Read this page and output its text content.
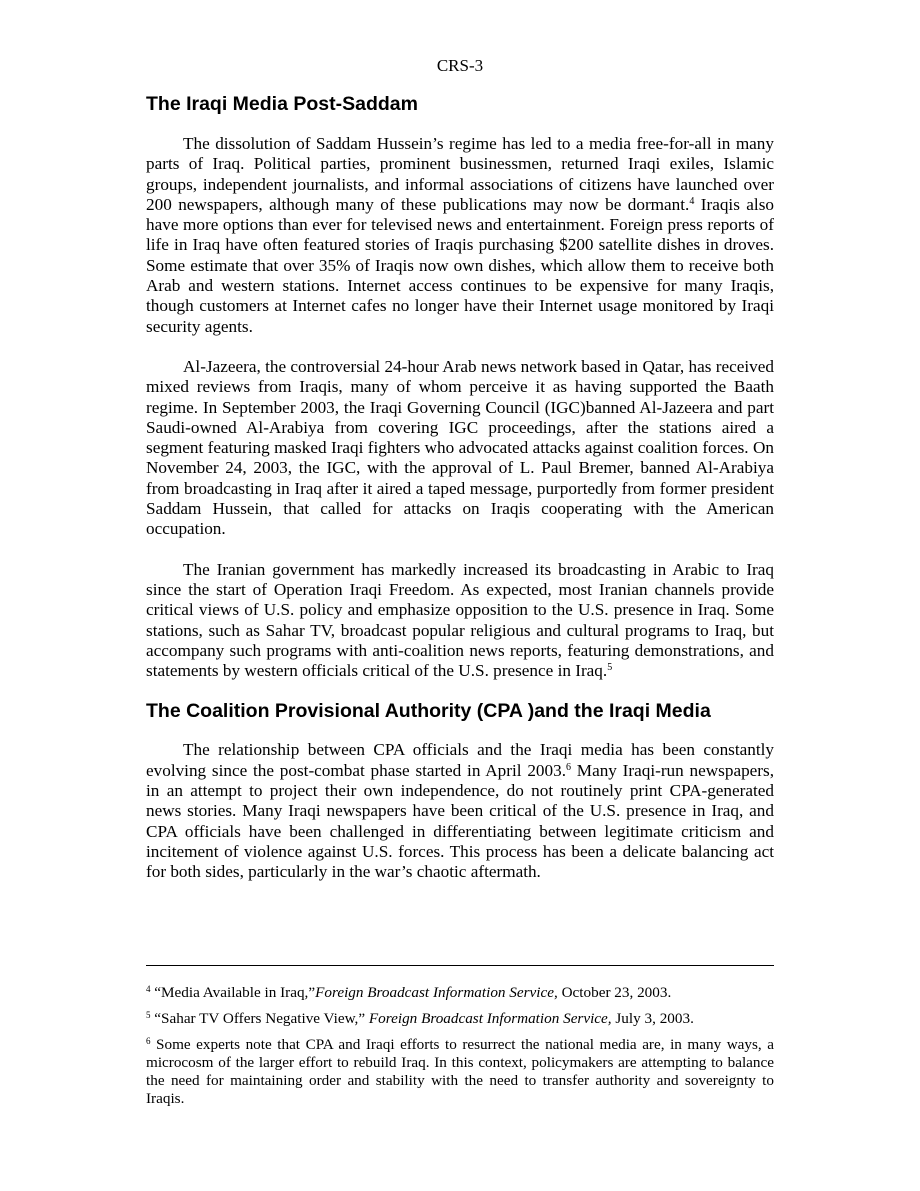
CRS-3
The Iraqi Media Post-Saddam

The dissolution of Saddam Hussein’s regime has led to a media free-for-all in many parts of Iraq. Political parties, prominent businessmen, returned Iraqi exiles, Islamic groups, independent journalists, and informal associations of citizens have launched over 200 newspapers, although many of these publications may now be dormant.$^4$ Iraqis also have more options than ever for televised news and entertainment. Foreign press reports of life in Iraq have often featured stories of Iraqis purchasing $200 satellite dishes in droves. Some estimate that over 35% of Iraqis now own dishes, which allow them to receive both Arab and western stations. Internet access continues to be expensive for many Iraqis, though customers at Internet cafes no longer have their Internet usage monitored by Iraqi security agents.

Al-Jazeera, the controversial 24-hour Arab news network based in Qatar, has received mixed reviews from Iraqis, many of whom perceive it as having supported the Baath regime. In September 2003, the Iraqi Governing Council (IGC)banned Al-Jazeera and part Saudi-owned Al-Arabiya from covering IGC proceedings, after the stations aired a segment featuring masked Iraqi fighters who advocated attacks against coalition forces. On November 24, 2003, the IGC, with the approval of L. Paul Bremer, banned Al-Arabiya from broadcasting in Iraq after it aired a taped message, purportedly from former president Saddam Hussein, that called for attacks on Iraqis cooperating with the American occupation.

The Iranian government has markedly increased its broadcasting in Arabic to Iraq since the start of Operation Iraqi Freedom. As expected, most Iranian channels provide critical views of U.S. policy and emphasize opposition to the U.S. presence in Iraq. Some stations, such as Sahar TV, broadcast popular religious and cultural programs to Iraq, but accompany such programs with anti-coalition news reports, featuring demonstrations, and statements by western officials critical of the U.S. presence in Iraq.$^5$

The Coalition Provisional Authority (CPA )and the Iraqi Media

The relationship between CPA officials and the Iraqi media has been constantly evolving since the post-combat phase started in April 2003.$^6$ Many Iraqi-run newspapers, in an attempt to project their own independence, do not routinely print CPA-generated news stories. Many Iraqi newspapers have been critical of the U.S. presence in Iraq, and CPA officials have been challenged in differentiating between legitimate criticism and incitement of violence against U.S. forces. This process has been a delicate balancing act for both sides, particularly in the war’s chaotic aftermath.

$^4$ “Media Available in Iraq,”Foreign Broadcast Information Service, October 23, 2003.
$^5$ “Sahar TV Offers Negative View,” Foreign Broadcast Information Service, July 3, 2003.
$^6$ Some experts note that CPA and Iraqi efforts to resurrect the national media are, in many ways, a microcosm of the larger effort to rebuild Iraq. In this context, policymakers are attempting to balance the need for maintaining order and stability with the need to transfer authority and sovereignty to Iraqis.
